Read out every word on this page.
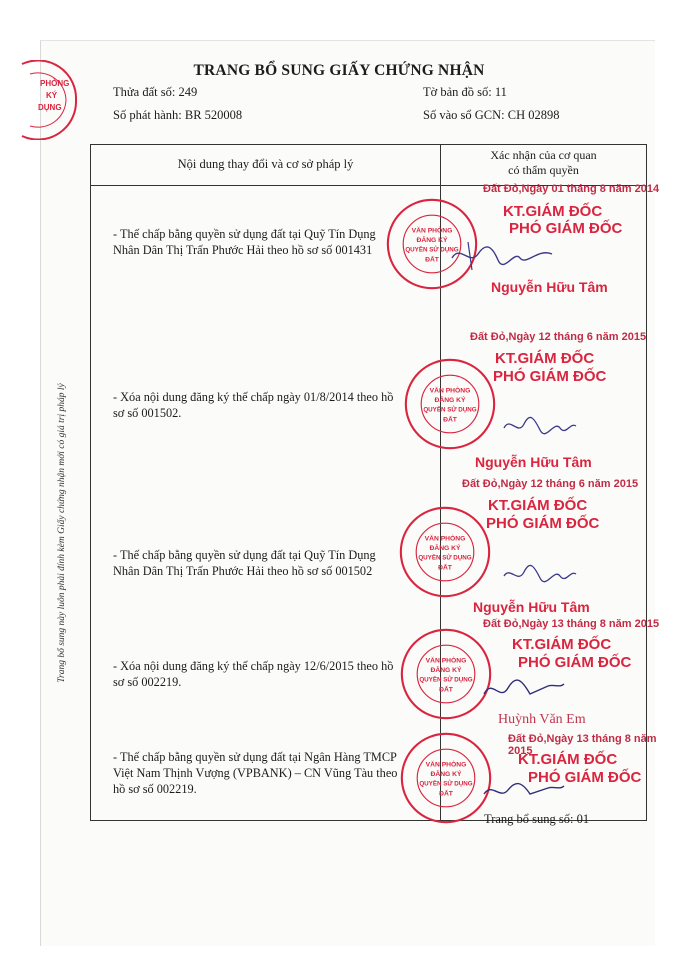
PHÒNG
KÝ
DỤNG
TRANG BỔ SUNG GIẤY CHỨNG NHẬN
Thửa đất số: 249	Tờ bản đồ số: 11
Số phát hành: BR 520008	Số vào sổ GCN: CH 02898
Trang bổ sung này luôn phải đính kèm Giấy chứng nhận mới có giá trị pháp lý
Nội dung thay đổi và cơ sở pháp lý
Xác nhận của cơ quan
có thẩm quyền
- Thế chấp bằng quyền sử dụng đất tại Quỹ Tín Dụng
Nhân Dân Thị Trấn Phước Hải theo hồ sơ số 001431
Đất Đỏ,Ngày 01 tháng 8 năm 2014
KT.GIÁM ĐỐC
PHÓ GIÁM ĐỐC
Nguyễn Hữu Tâm
- Xóa nội dung đăng ký thế chấp ngày 01/8/2014 theo hồ
sơ số 001502.
Đất Đỏ,Ngày 12 tháng 6 năm 2015
KT.GIÁM ĐỐC
PHÓ GIÁM ĐỐC
Nguyễn Hữu Tâm
- Thế chấp bằng quyền sử dụng đất tại Quỹ Tín Dụng
Nhân Dân Thị Trấn Phước Hải theo hồ sơ số 001502
Đất Đỏ,Ngày 12 tháng 6 năm 2015
KT.GIÁM ĐỐC
PHÓ GIÁM ĐỐC
Nguyễn Hữu Tâm
- Xóa nội dung đăng ký thế chấp ngày 12/6/2015 theo hồ
sơ số 002219.
Đất Đỏ,Ngày 13 tháng 8 năm 2015
KT.GIÁM ĐỐC
PHÓ GIÁM ĐỐC
Huỳnh Văn Em
- Thế chấp bằng quyền sử dụng đất tại Ngân Hàng TMCP
Việt Nam Thịnh Vượng (VPBANK) – CN Vũng Tàu theo
hồ sơ số 002219.
Đất Đỏ,Ngày 13 tháng 8 năm 2015
KT.GIÁM ĐỐC
PHÓ GIÁM ĐỐC
VĂN PHÒNG
ĐĂNG KÝ
QUYỀN SỬ DỤNG
ĐẤT
VĂN PHÒNG
ĐĂNG KÝ
QUYỀN SỬ DỤNG
ĐẤT
VĂN PHÒNG
ĐĂNG KÝ
QUYỀN SỬ DỤNG
ĐẤT
VĂN PHÒNG
ĐĂNG KÝ
QUYỀN SỬ DỤNG
ĐẤT
VĂN PHÒNG
ĐĂNG KÝ
QUYỀN SỬ DỤNG
ĐẤT
Trang bổ sung số: 01
